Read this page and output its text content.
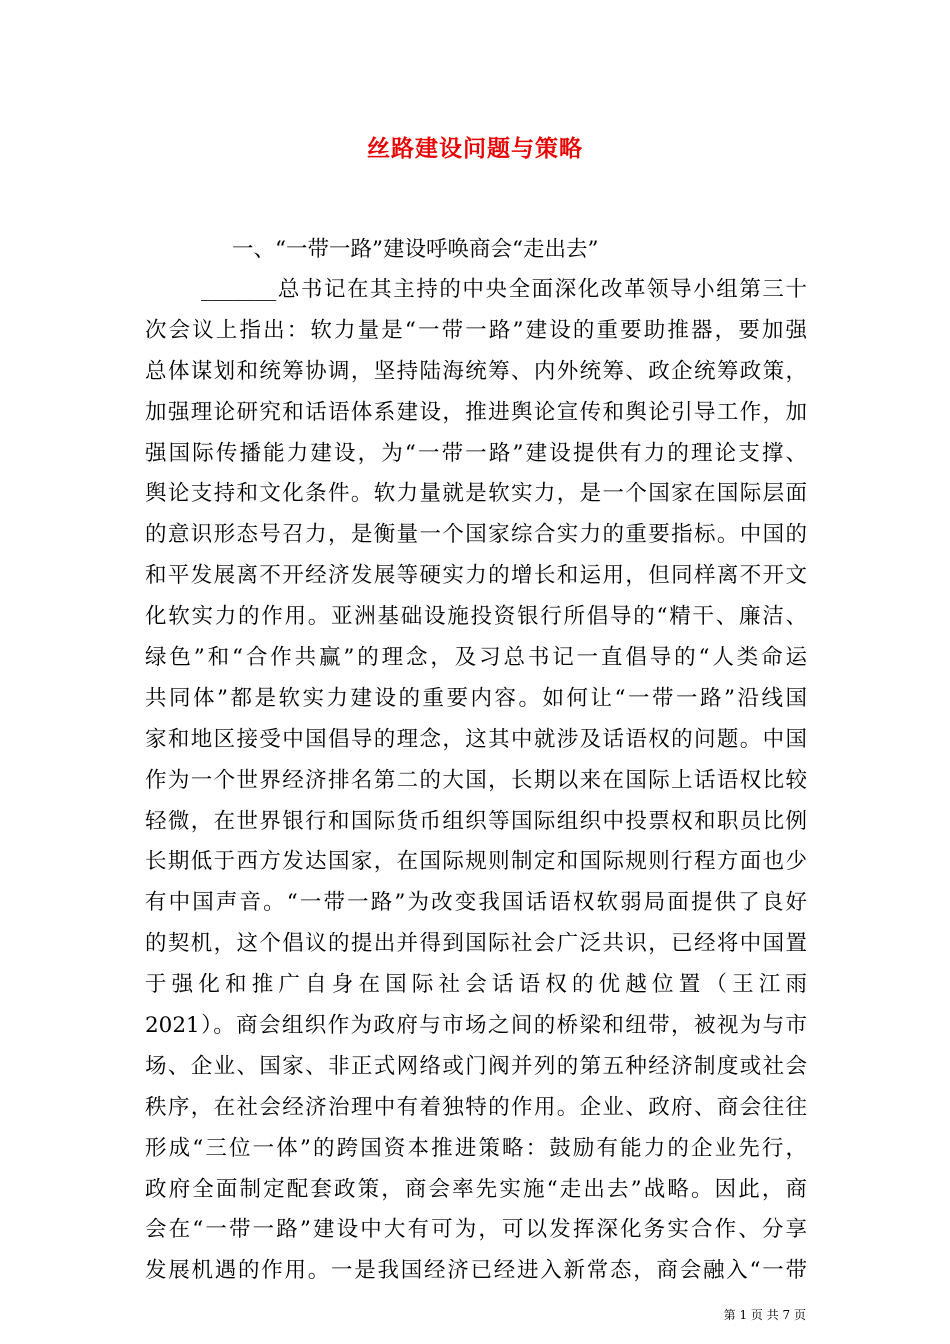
丝路建设问题与策略

一、“一带一路”建设呼唤商会“走出去”

_______总书记在其主持的中央全面深化改革领导小组第三十

次会议上指出：软力量是“一带一路”建设的重要助推器，要加强

总体谋划和统筹协调，坚持陆海统筹、内外统筹、政企统筹政策，

加强理论研究和话语体系建设，推进舆论宣传和舆论引导工作，加

强国际传播能力建设，为“一带一路”建设提供有力的理论支撑、

舆论支持和文化条件。软力量就是软实力，是一个国家在国际层面

的意识形态号召力，是衡量一个国家综合实力的重要指标。中国的

和平发展离不开经济发展等硬实力的增长和运用，但同样离不开文

化软实力的作用。亚洲基础设施投资银行所倡导的“精干、廉洁、

绿色”和“合作共赢”的理念，及习总书记一直倡导的“人类命运

共同体”都是软实力建设的重要内容。如何让“一带一路”沿线国

家和地区接受中国倡导的理念，这其中就涉及话语权的问题。中国

作为一个世界经济排名第二的大国，长期以来在国际上话语权比较

轻微，在世界银行和国际货币组织等国际组织中投票权和职员比例

长期低于西方发达国家，在国际规则制定和国际规则行程方面也少

有中国声音。“一带一路”为改变我国话语权软弱局面提供了良好

的契机，这个倡议的提出并得到国际社会广泛共识，已经将中国置

于强化和推广自身在国际社会话语权的优越位置（王江雨

2021）。商会组织作为政府与市场之间的桥梁和纽带，被视为与市

场、企业、国家、非正式网络或门阀并列的第五种经济制度或社会

秩序，在社会经济治理中有着独特的作用。企业、政府、商会往往

形成“三位一体”的跨国资本推进策略：鼓励有能力的企业先行，

政府全面制定配套政策，商会率先实施“走出去”战略。因此，商

会在“一带一路”建设中大有可为，可以发挥深化务实合作、分享

发展机遇的作用。一是我国经济已经进入新常态，商会融入“一带

第 1 页 共 7 页
